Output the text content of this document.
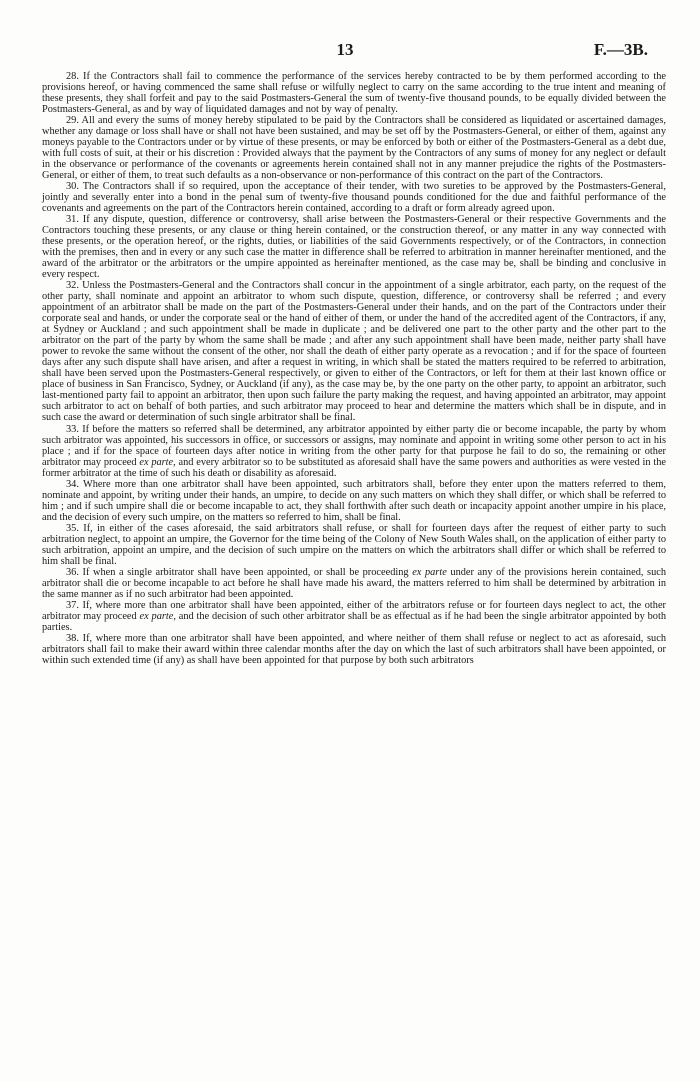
13	F.—3B.

28. If the Contractors shall fail to commence the performance of the services hereby contracted to be by them performed according to the provisions hereof, or having commenced the same shall refuse or wilfully neglect to carry on the same according to the true intent and meaning of these presents, they shall forfeit and pay to the said Postmasters-General the sum of twenty-five thousand pounds, to be equally divided between the Postmasters-General, as and by way of liquidated damages and not by way of penalty.

29. All and every the sums of money hereby stipulated to be paid by the Contractors shall be considered as liquidated or ascertained damages, whether any damage or loss shall have or shall not have been sustained, and may be set off by the Postmasters-General, or either of them, against any moneys payable to the Contractors under or by virtue of these presents, or may be enforced by both or either of the Postmasters-General as a debt due, with full costs of suit, at their or his discretion : Provided always that the payment by the Contractors of any sums of money for any neglect or default in the observance or performance of the covenants or agreements herein contained shall not in any manner prejudice the rights of the Postmasters-General, or either of them, to treat such defaults as a non-observance or non-performance of this contract on the part of the Contractors.

30. The Contractors shall if so required, upon the acceptance of their tender, with two sureties to be approved by the Postmasters-General, jointly and severally enter into a bond in the penal sum of twenty-five thousand pounds conditioned for the due and faithful performance of the covenants and agreements on the part of the Contractors herein contained, according to a draft or form already agreed upon.

31. If any dispute, question, difference or controversy, shall arise between the Postmasters-General or their respective Governments and the Contractors touching these presents, or any clause or thing herein contained, or the construction thereof, or any matter in any way connected with these presents, or the operation hereof, or the rights, duties, or liabilities of the said Governments respectively, or of the Contractors, in connection with the premises, then and in every or any such case the matter in difference shall be referred to arbitration in manner hereinafter mentioned, and the award of the arbitrator or the arbitrators or the umpire appointed as hereinafter mentioned, as the case may be, shall be binding and conclusive in every respect.

32. Unless the Postmasters-General and the Contractors shall concur in the appointment of a single arbitrator, each party, on the request of the other party, shall nominate and appoint an arbitrator to whom such dispute, question, difference, or controversy shall be referred ; and every appointment of an arbitrator shall be made on the part of the Postmasters-General under their hands, and on the part of the Contractors under their corporate seal and hands, or under the corporate seal or the hand of either of them, or under the hand of the accredited agent of the Contractors, if any, at Sydney or Auckland ; and such appointment shall be made in duplicate ; and be delivered one part to the other party and the other part to the arbitrator on the part of the party by whom the same shall be made ; and after any such appointment shall have been made, neither party shall have power to revoke the same without the consent of the other, nor shall the death of either party operate as a revocation ; and if for the space of fourteen days after any such dispute shall have arisen, and after a request in writing, in which shall be stated the matters required to be referred to arbitration, shall have been served upon the Postmasters-General respectively, or given to either of the Contractors, or left for them at their last known office or place of business in San Francisco, Sydney, or Auckland (if any), as the case may be, by the one party on the other party, to appoint an arbitrator, such last-mentioned party fail to appoint an arbitrator, then upon such failure the party making the request, and having appointed an arbitrator, may appoint such arbitrator to act on behalf of both parties, and such arbitrator may proceed to hear and determine the matters which shall be in dispute, and in such case the award or determination of such single arbitrator shall be final.

33. If before the matters so referred shall be determined, any arbitrator appointed by either party die or become incapable, the party by whom such arbitrator was appointed, his successors in office, or successors or assigns, may nominate and appoint in writing some other person to act in his place ; and if for the space of fourteen days after notice in writing from the other party for that purpose he fail to do so, the remaining or other arbitrator may proceed ex parte, and every arbitrator so to be substituted as aforesaid shall have the same powers and authorities as were vested in the former arbitrator at the time of such his death or disability as aforesaid.

34. Where more than one arbitrator shall have been appointed, such arbitrators shall, before they enter upon the matters referred to them, nominate and appoint, by writing under their hands, an umpire, to decide on any such matters on which they shall differ, or which shall be referred to him ; and if such umpire shall die or become incapable to act, they shall forthwith after such death or incapacity appoint another umpire in his place, and the decision of every such umpire, on the matters so referred to him, shall be final.

35. If, in either of the cases aforesaid, the said arbitrators shall refuse, or shall for fourteen days after the request of either party to such arbitration neglect, to appoint an umpire, the Governor for the time being of the Colony of New South Wales shall, on the application of either party to such arbitration, appoint an umpire, and the decision of such umpire on the matters on which the arbitrators shall differ or which shall be referred to him shall be final.

36. If when a single arbitrator shall have been appointed, or shall be proceeding ex parte under any of the provisions herein contained, such arbitrator shall die or become incapable to act before he shall have made his award, the matters referred to him shall be determined by arbitration in the same manner as if no such arbitrator had been appointed.

37. If, where more than one arbitrator shall have been appointed, either of the arbitrators refuse or for fourteen days neglect to act, the other arbitrator may proceed ex parte, and the decision of such other arbitrator shall be as effectual as if he had been the single arbitrator appointed by both parties.

38. If, where more than one arbitrator shall have been appointed, and where neither of them shall refuse or neglect to act as aforesaid, such arbitrators shall fail to make their award within three calendar months after the day on which the last of such arbitrators shall have been appointed, or within such extended time (if any) as shall have been appointed for that purpose by both such arbitrators
